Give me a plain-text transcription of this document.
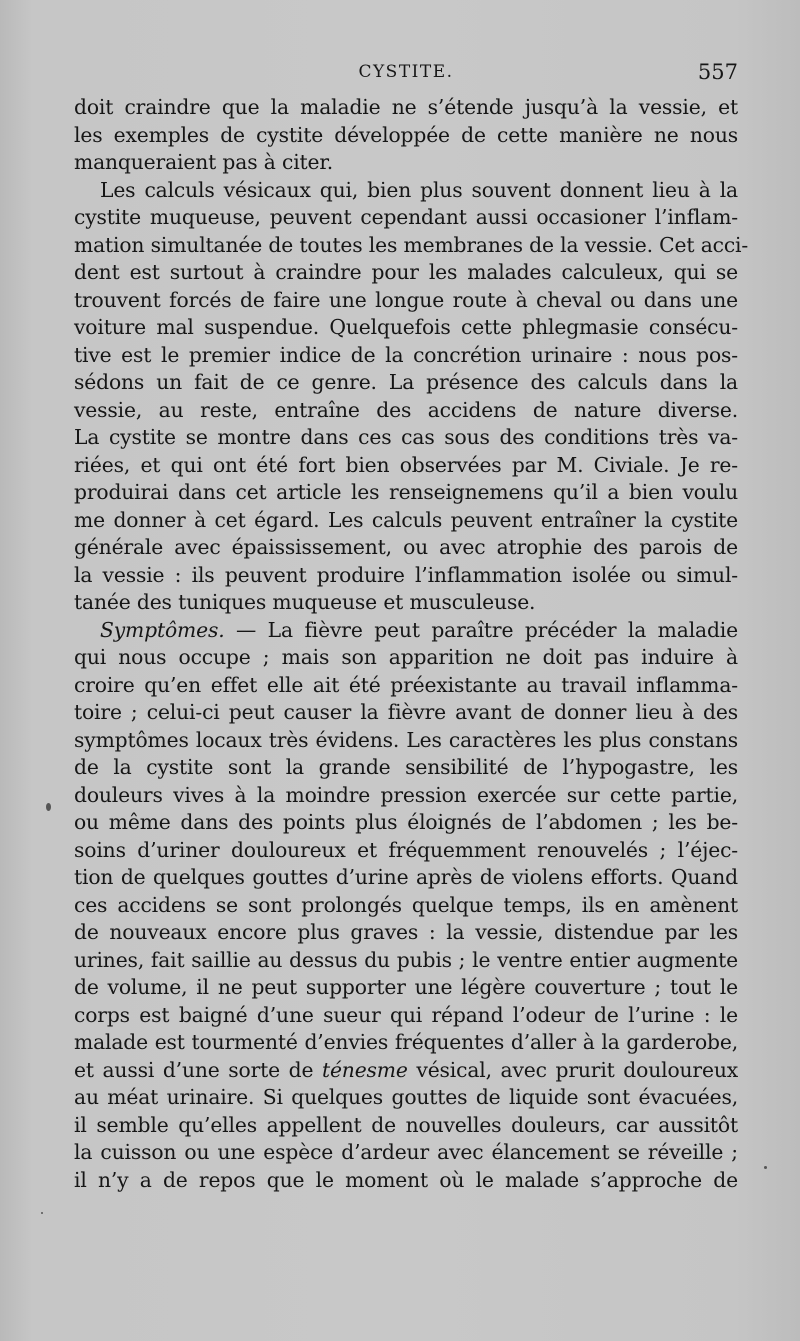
CYSTITE.	557
doit craindre que la maladie ne s’étende jusqu’à la vessie, et
les exemples de cystite développée de cette manière ne nous
manqueraient pas à citer.
Les calculs vésicaux qui, bien plus souvent donnent lieu à la
cystite muqueuse, peuvent cependant aussi occasioner l’inflam-
mation simultanée de toutes les membranes de la vessie. Cet acci-
dent est surtout à craindre pour les malades calculeux, qui se
trouvent forcés de faire une longue route à cheval ou dans une
voiture mal suspendue. Quelquefois cette phlegmasie consécu-
tive est le premier indice de la concrétion urinaire : nous pos-
sédons un fait de ce genre. La présence des calculs dans la
vessie, au reste, entraîne des accidens de nature diverse.
La cystite se montre dans ces cas sous des conditions très va-
riées, et qui ont été fort bien observées par M. Civiale. Je re-
produirai dans cet article les renseignemens qu’il a bien voulu
me donner à cet égard. Les calculs peuvent entraîner la cystite
générale avec épaississement, ou avec atrophie des parois de
la vessie : ils peuvent produire l’inflammation isolée ou simul-
tanée des tuniques muqueuse et musculeuse.
Symptômes. — La fièvre peut paraître précéder la maladie
qui nous occupe ; mais son apparition ne doit pas induire à
croire qu’en effet elle ait été préexistante au travail inflamma-
toire ; celui-ci peut causer la fièvre avant de donner lieu à des
symptômes locaux très évidens. Les caractères les plus constans
de la cystite sont la grande sensibilité de l’hypogastre, les
douleurs vives à la moindre pression exercée sur cette partie,
ou même dans des points plus éloignés de l’abdomen ; les be-
soins d’uriner douloureux et fréquemment renouvelés ; l’éjec-
tion de quelques gouttes d’urine après de violens efforts. Quand
ces accidens se sont prolongés quelque temps, ils en amènent
de nouveaux encore plus graves : la vessie, distendue par les
urines, fait saillie au dessus du pubis ; le ventre entier augmente
de volume, il ne peut supporter une légère couverture ; tout le
corps est baigné d’une sueur qui répand l’odeur de l’urine : le
malade est tourmenté d’envies fréquentes d’aller à la garderobe,
et aussi d’une sorte de ténesme vésical, avec prurit douloureux
au méat urinaire. Si quelques gouttes de liquide sont évacuées,
il semble qu’elles appellent de nouvelles douleurs, car aussitôt
la cuisson ou une espèce d’ardeur avec élancement se réveille ;
il n’y a de repos que le moment où le malade s’approche de
